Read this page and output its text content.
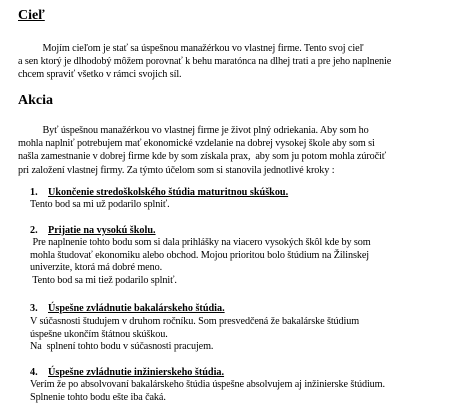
Cieľ
Mojím cieľom je stať sa úspešnou manažérkou vo vlastnej firme. Tento svoj cieľ
a sen ktorý je dlhodobý môžem porovnať k behu maratónca na dlhej trati a pre jeho naplnenie
chcem spraviť všetko v rámci svojich síl.
Akcia
Byť úspešnou manažérkou vo vlastnej firme je život plný odriekania. Aby som ho
mohla naplniť potrebujem mať ekonomické vzdelanie na dobrej vysokej škole aby som si
našla zamestnanie v dobrej firme kde by som získala prax,  aby som ju potom mohla zúročiť
pri založení vlastnej firmy. Za týmto účelom som si stanovila jednotlivé kroky :
1. Ukončenie stredoškolského štúdia maturitnou skúškou.
Tento bod sa mi už podarilo splniť.
2. Prijatie na vysokú školu.
Pre naplnenie tohto bodu som si dala prihlášky na viacero vysokých škôl kde by som
mohla študovať ekonomiku alebo obchod. Mojou prioritou bolo štúdium na Žilinskej
univerzite, ktorá má dobré meno.
Tento bod sa mi tiež podarilo splniť.
3. Úspešne zvládnutie bakalárskeho štúdia.
V súčasnosti študujem v druhom ročníku. Som presvedčená že bakalárske štúdium
úspešne ukončím štátnou skúškou.
Na  splnení tohto bodu v súčasnosti pracujem.
4. Úspešne zvládnutie inžinierskeho štúdia.
Verím že po absolvovaní bakalárskeho štúdia úspešne absolvujem aj inžinierske štúdium.
Splnenie tohto bodu ešte iba čaká.
